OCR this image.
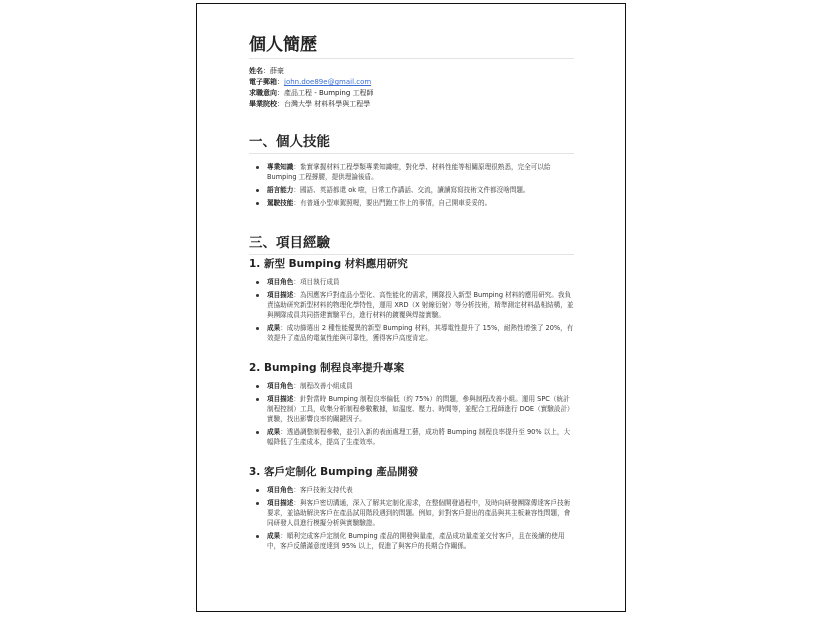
個人簡歷
姓名：薛豪
電子郵箱：john.doe89e@gmail.com
求職意向：產品工程 - Bumping 工程師
畢業院校：台灣大學 材料科學與工程學
一、個人技能
專業知識：紮實掌握材料工程學類專業知識啦，對化學、材料性能等相關原理很熟悉，完全可以給 Bumping 工程撐腰，提供理論後盾。
語言能力：國語、英語都還 ok 啦，日常工作講話、交流，讀讀寫寫技術文件都沒啥問題。
駕駛技能：有普通小型車駕照喔，要出門跑工作上的事情，自己開車妥妥的。
三、項目經驗
1. 新型 Bumping 材料應用研究
項目角色：項目執行成員
項目描述：為因應客戶對產品小型化、高性能化的需求，團隊投入新型 Bumping 材料的應用研究。我負責協助研究新型材料的物理化學特性，運用 XRD（X 射線衍射）等分析技術，精準測定材料晶相結構，並與團隊成員共同搭建實驗平台，進行材料的鍍覆與焊接實驗。
成果：成功篩選出 2 種性能優異的新型 Bumping 材料，其導電性提升了 15%，耐熱性增強了 20%，有效提升了產品的電氣性能與可靠性，獲得客戶高度肯定。
2. Bumping 制程良率提升專案
項目角色：制程改善小組成員
項目描述：針對當時 Bumping 制程良率偏低（約 75%）的問題，參與制程改善小組。運用 SPC（統計制程控制）工具，收集分析制程參數數據，如溫度、壓力、時間等，並配合工程師進行 DOE（實驗設計）實驗，找出影響良率的關鍵因子。
成果：透過調整制程參數，並引入新的表面處理工藝，成功將 Bumping 制程良率提升至 90% 以上，大幅降低了生產成本，提高了生產效率。
3. 客戶定制化 Bumping 產品開發
項目角色：客戶技術支持代表
項目描述：與客戶密切溝通，深入了解其定制化需求，在整個開發過程中，及時向研發團隊傳達客戶技術要求，並協助解決客戶在產品試用階段遇到的問題。例如，針對客戶提出的產品與其主板兼容性問題，會同研發人員進行模擬分析與實驗驗證。
成果：順利完成客戶定制化 Bumping 產品的開發與量產，產品成功量產並交付客戶，且在後續的使用中，客戶反饋滿意度達到 95% 以上，促進了與客戶的長期合作關係。
